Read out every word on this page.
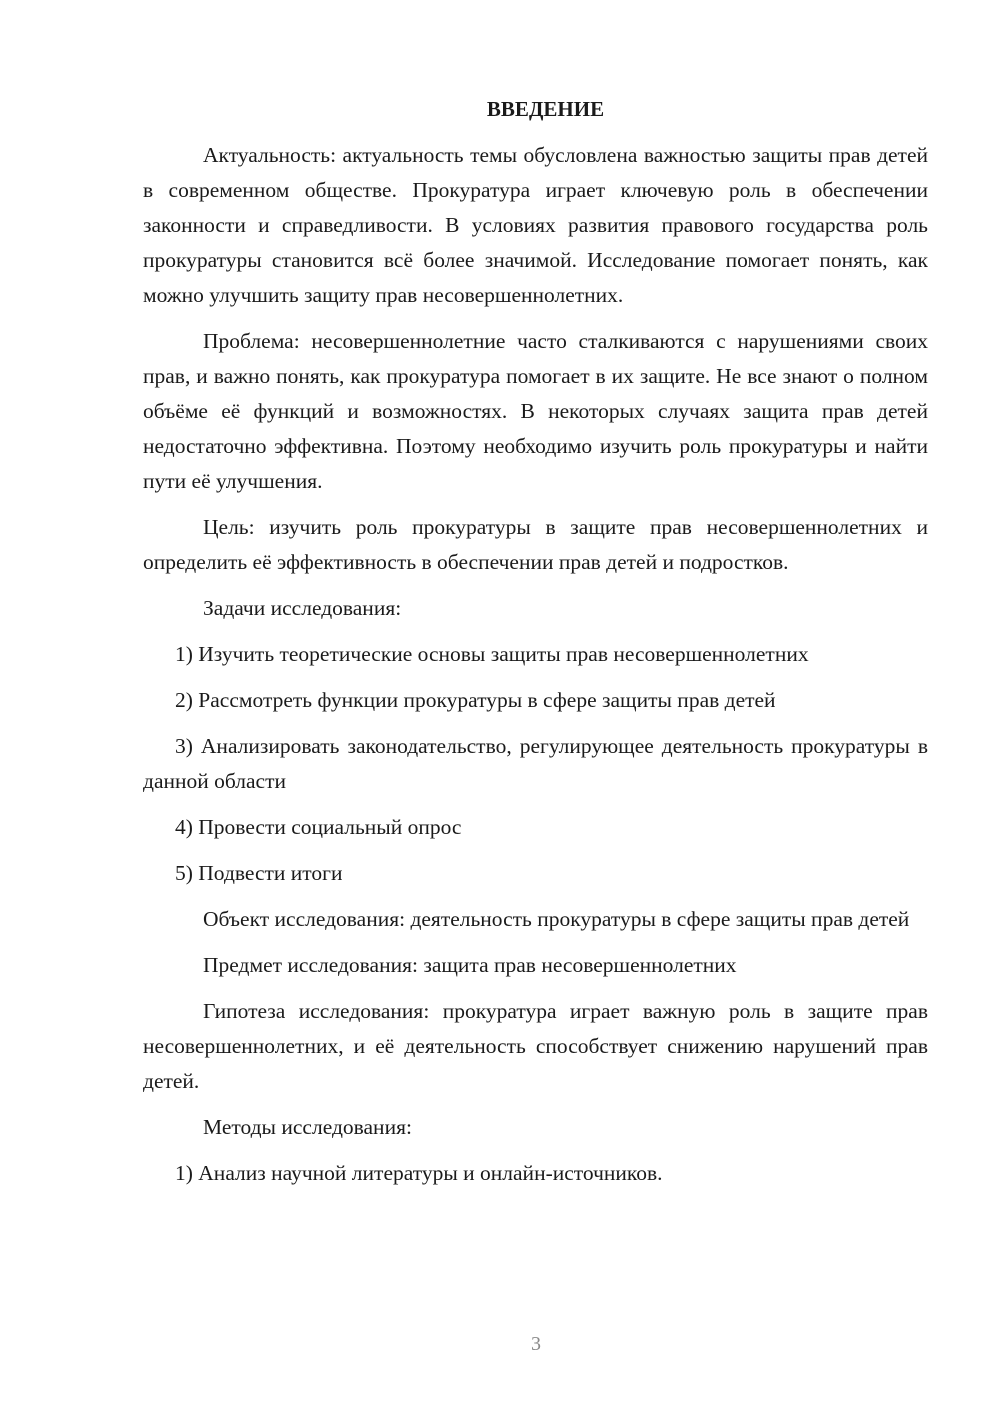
ВВЕДЕНИЕ

Актуальность: актуальность темы обусловлена важностью защиты прав детей в современном обществе. Прокуратура играет ключевую роль в обеспечении законности и справедливости. В условиях развития правового государства роль прокуратуры становится всё более значимой. Исследование помогает понять, как можно улучшить защиту прав несовершеннолетних.

Проблема: несовершеннолетние часто сталкиваются с нарушениями своих прав, и важно понять, как прокуратура помогает в их защите. Не все знают о полном объёме её функций и возможностях. В некоторых случаях защита прав детей недостаточно эффективна. Поэтому необходимо изучить роль прокуратуры и найти пути её улучшения.

Цель: изучить роль прокуратуры в защите прав несовершеннолетних и определить её эффективность в обеспечении прав детей и подростков.

Задачи исследования:

1) Изучить теоретические основы защиты прав несовершеннолетних

2) Рассмотреть функции прокуратуры в сфере защиты прав детей

3) Анализировать законодательство, регулирующее деятельность прокуратуры в данной области

4) Провести социальный опрос

5) Подвести итоги

Объект исследования: деятельность прокуратуры в сфере защиты прав детей

Предмет исследования: защита прав несовершеннолетних

Гипотеза исследования: прокуратура играет важную роль в защите прав несовершеннолетних, и её деятельность способствует снижению нарушений прав детей.

Методы исследования:

1) Анализ научной литературы и онлайн-источников.

3
